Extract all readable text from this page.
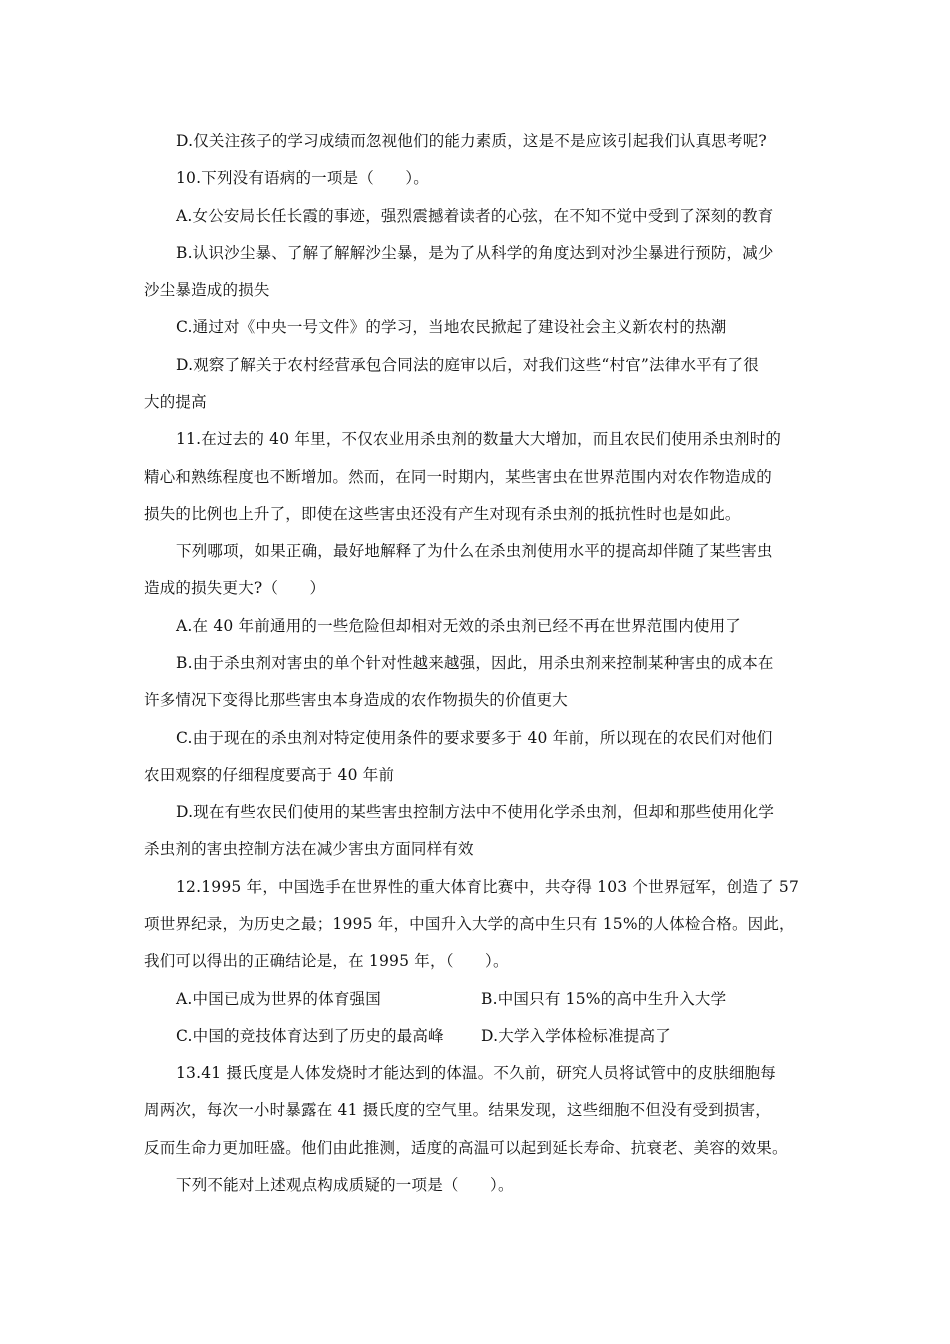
D.仅关注孩子的学习成绩而忽视他们的能力素质，这是不是应该引起我们认真思考呢?
10.下列没有语病的一项是（　　）。
A.女公安局长任长霞的事迹，强烈震撼着读者的心弦，在不知不觉中受到了深刻的教育
B.认识沙尘暴、了解了解解沙尘暴，是为了从科学的角度达到对沙尘暴进行预防，减少
沙尘暴造成的损失
C.通过对《中央一号文件》的学习，当地农民掀起了建设社会主义新农村的热潮
D.观察了解关于农村经营承包合同法的庭审以后，对我们这些“村官”法律水平有了很
大的提高
11.在过去的 40 年里，不仅农业用杀虫剂的数量大大增加，而且农民们使用杀虫剂时的
精心和熟练程度也不断增加。然而，在同一时期内，某些害虫在世界范围内对农作物造成的
损失的比例也上升了，即使在这些害虫还没有产生对现有杀虫剂的抵抗性时也是如此。
下列哪项，如果正确，最好地解释了为什么在杀虫剂使用水平的提高却伴随了某些害虫
造成的损失更大?（　　）
A.在 40 年前通用的一些危险但却相对无效的杀虫剂已经不再在世界范围内使用了
B.由于杀虫剂对害虫的单个针对性越来越强，因此，用杀虫剂来控制某种害虫的成本在
许多情况下变得比那些害虫本身造成的农作物损失的价值更大
C.由于现在的杀虫剂对特定使用条件的要求要多于 40 年前，所以现在的农民们对他们
农田观察的仔细程度要高于 40 年前
D.现在有些农民们使用的某些害虫控制方法中不使用化学杀虫剂，但却和那些使用化学
杀虫剂的害虫控制方法在减少害虫方面同样有效
12.1995 年，中国选手在世界性的重大体育比赛中，共夺得 103 个世界冠军，创造了 57
项世界纪录，为历史之最；1995 年，中国升入大学的高中生只有 15%的人体检合格。因此，
我们可以得出的正确结论是，在 1995 年，（　　）。
A.中国已成为世界的体育强国	B.中国只有 15%的高中生升入大学
C.中国的竞技体育达到了历史的最高峰 D.大学入学体检标准提高了
13.41 摄氏度是人体发烧时才能达到的体温。不久前，研究人员将试管中的皮肤细胞每
周两次，每次一小时暴露在 41 摄氏度的空气里。结果发现，这些细胞不但没有受到损害，
反而生命力更加旺盛。他们由此推测，适度的高温可以起到延长寿命、抗衰老、美容的效果。
下列不能对上述观点构成质疑的一项是（　　）。
